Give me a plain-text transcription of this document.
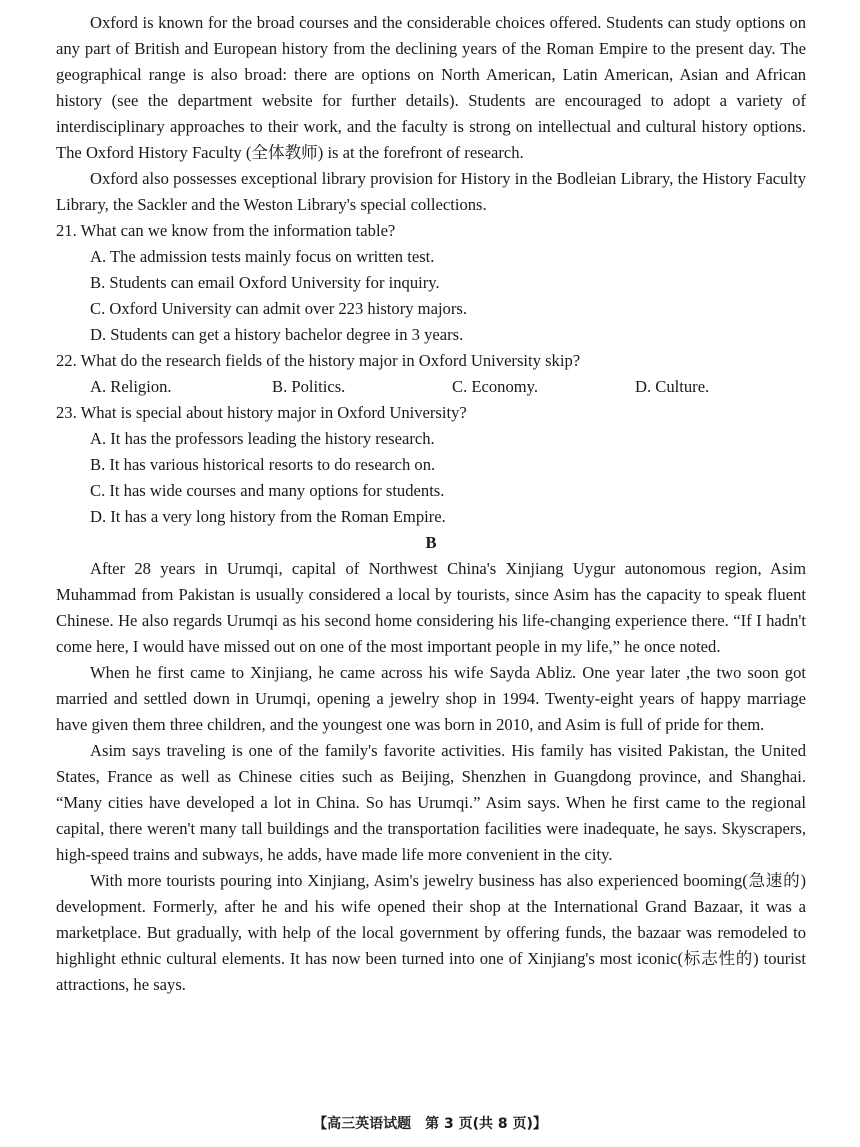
Oxford is known for the broad courses and the considerable choices offered. Students can study options on any part of British and European history from the declining years of the Roman Empire to the present day. The geographical range is also broad: there are options on North American, Latin American, Asian and African history (see the department website for further details). Students are encouraged to adopt a variety of interdisciplinary approaches to their work, and the faculty is strong on intellectual and cultural history options. The Oxford History Faculty (全体教师) is at the forefront of research.

Oxford also possesses exceptional library provision for History in the Bodleian Library, the History Faculty Library, the Sackler and the Weston Library's special collections.

21. What can we know from the information table?

A. The admission tests mainly focus on written test.

B. Students can email Oxford University for inquiry.

C. Oxford University can admit over 223 history majors.

D. Students can get a history bachelor degree in 3 years.

22. What do the research fields of the history major in Oxford University skip?

A. Religion.	B. Politics.	C. Economy.	D. Culture.

23. What is special about history major in Oxford University?

A. It has the professors leading the history research.

B. It has various historical resorts to do research on.

C. It has wide courses and many options for students.

D. It has a very long history from the Roman Empire.

B

After 28 years in Urumqi, capital of Northwest China's Xinjiang Uygur autonomous region, Asim Muhammad from Pakistan is usually considered a local by tourists, since Asim has the capacity to speak fluent Chinese. He also regards Urumqi as his second home considering his life-changing experience there. “If I hadn't come here, I would have missed out on one of the most important people in my life,” he once noted.

When he first came to Xinjiang, he came across his wife Sayda Abliz. One year later ,the two soon got married and settled down in Urumqi, opening a jewelry shop in 1994. Twenty-eight years of happy marriage have given them three children, and the youngest one was born in 2010, and Asim is full of pride for them.

Asim says traveling is one of the family's favorite activities. His family has visited Pakistan, the United States, France as well as Chinese cities such as Beijing, Shenzhen in Guangdong province, and Shanghai. “Many cities have developed a lot in China. So has Urumqi.” Asim says. When he first came to the regional capital, there weren't many tall buildings and the transportation facilities were inadequate, he says. Skyscrapers, high-speed trains and subways, he adds, have made life more convenient in the city.

With more tourists pouring into Xinjiang, Asim's jewelry business has also experienced booming(急速的) development. Formerly, after he and his wife opened their shop at the International Grand Bazaar, it was a marketplace. But gradually, with help of the local government by offering funds, the bazaar was remodeled to highlight ethnic cultural elements. It has now been turned into one of Xinjiang's most iconic(标志性的) tourist attractions, he says.

【高三英语试题　第 3 页(共 8 页)】
